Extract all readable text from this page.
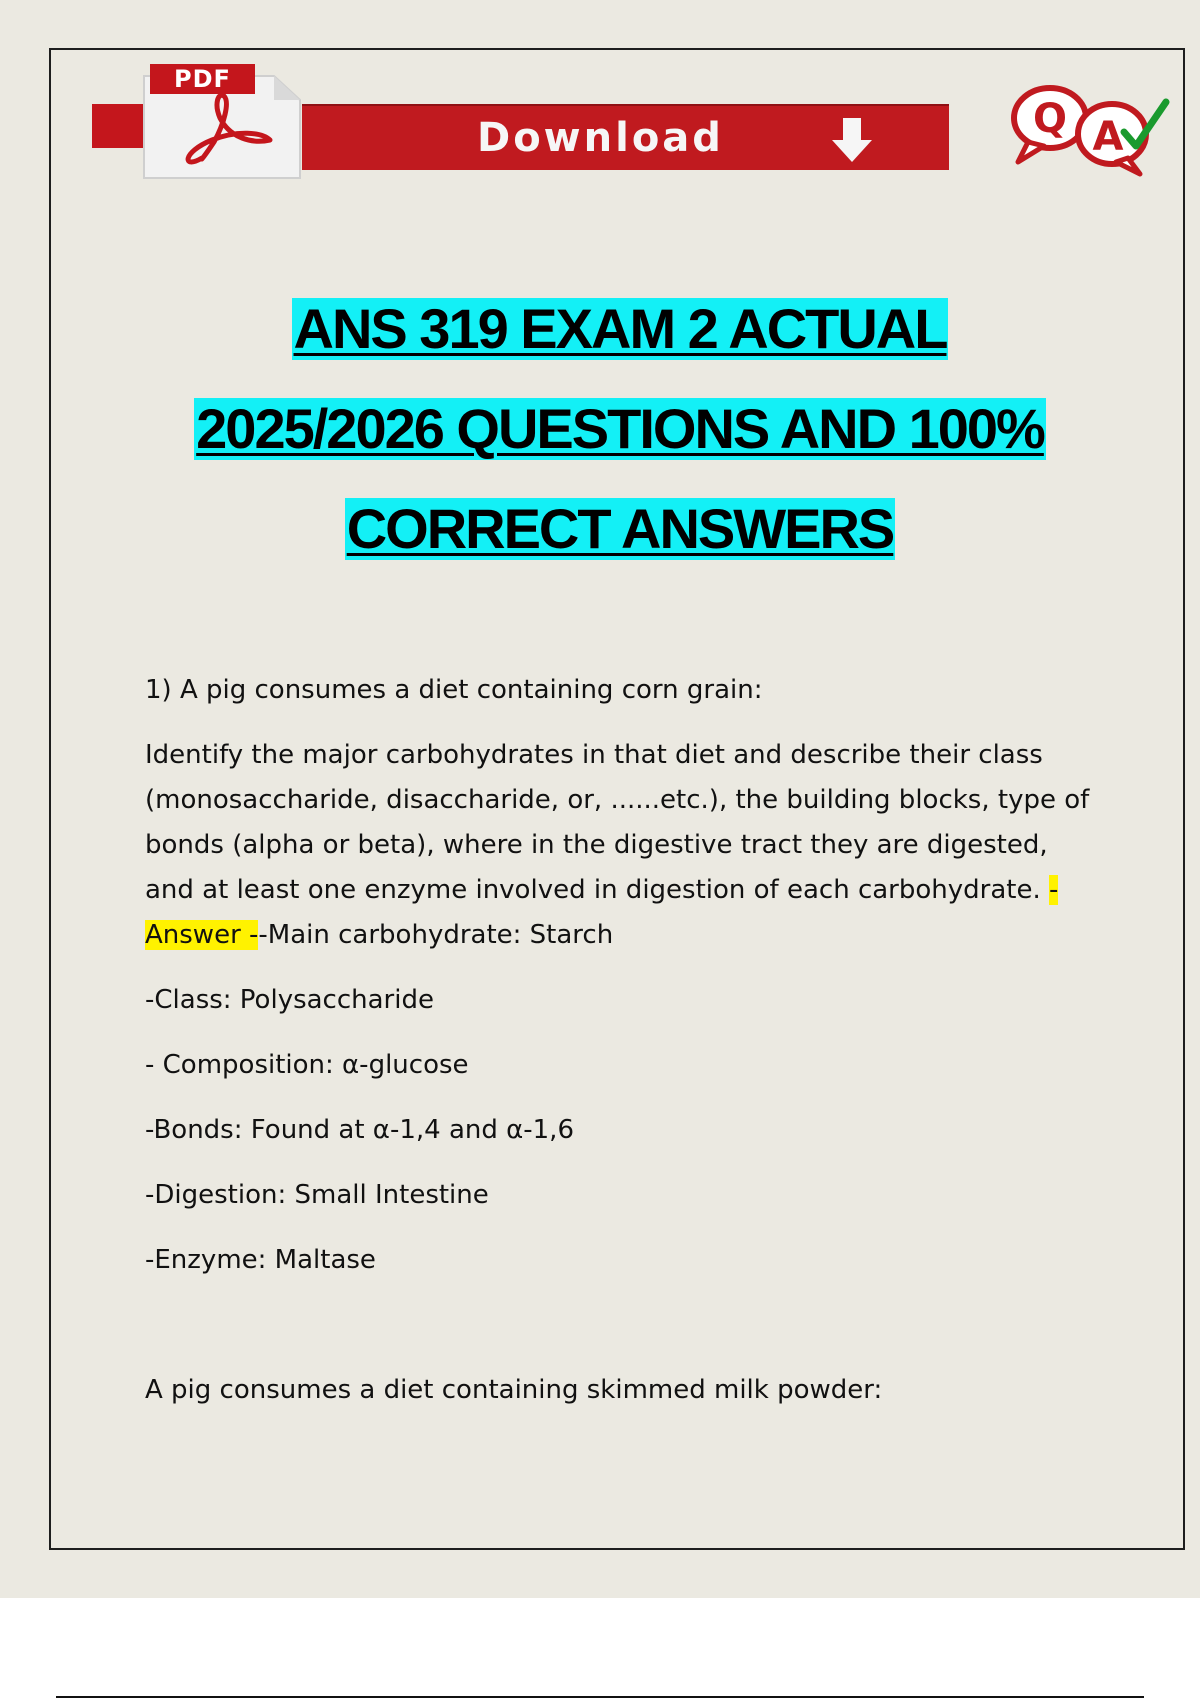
Download
PDF
Q A
ANS 319 EXAM 2 ACTUAL
2025/2026 QUESTIONS AND 100%
CORRECT ANSWERS

1) A pig consumes a diet containing corn grain:

Identify the major carbohydrates in that diet and describe their class (monosaccharide, disaccharide, or, ......etc.), the building blocks, type of bonds (alpha or beta), where in the digestive tract they are digested, and at least one enzyme involved in digestion of each carbohydrate. - Answer --Main carbohydrate: Starch

-Class: Polysaccharide

- Composition: α-glucose

-Bonds: Found at α-1,4 and α-1,6

-Digestion: Small Intestine

-Enzyme: Maltase

A pig consumes a diet containing skimmed milk powder:
